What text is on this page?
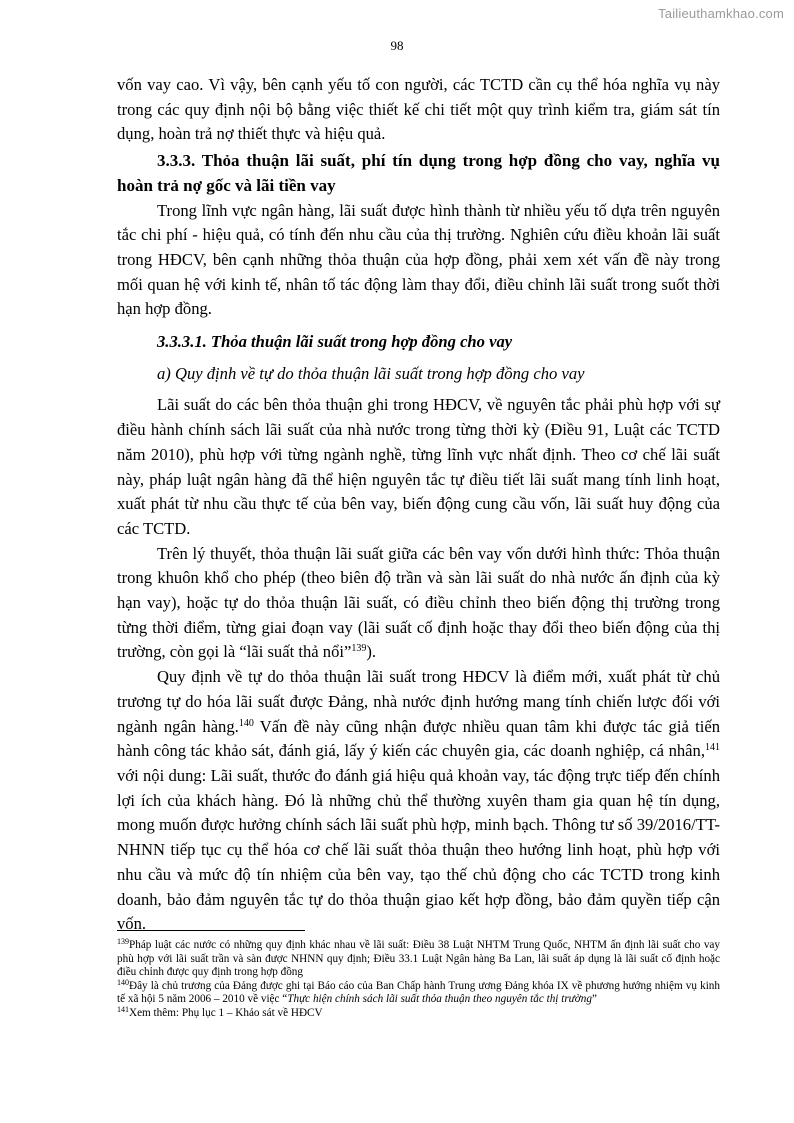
Tailieuthamkhao.com
98

vốn vay cao. Vì vậy, bên cạnh yếu tố con người, các TCTD cần cụ thể hóa nghĩa vụ này trong các quy định nội bộ bằng việc thiết kế chi tiết một quy trình kiểm tra, giám sát tín dụng, hoàn trả nợ thiết thực và hiệu quả.

3.3.3. Thỏa thuận lãi suất, phí tín dụng trong hợp đồng cho vay, nghĩa vụ hoàn trả nợ gốc và lãi tiền vay

Trong lĩnh vực ngân hàng, lãi suất được hình thành từ nhiều yếu tố dựa trên nguyên tắc chi phí - hiệu quả, có tính đến nhu cầu của thị trường. Nghiên cứu điều khoản lãi suất trong HĐCV, bên cạnh những thỏa thuận của hợp đồng, phải xem xét vấn đề này trong mối quan hệ với kinh tế, nhân tố tác động làm thay đổi, điều chỉnh lãi suất trong suốt thời hạn hợp đồng.

3.3.3.1. Thỏa thuận lãi suất trong hợp đồng cho vay

a) Quy định về tự do thỏa thuận lãi suất trong hợp đồng cho vay

Lãi suất do các bên thỏa thuận ghi trong HĐCV, về nguyên tắc phải phù hợp với sự điều hành chính sách lãi suất của nhà nước trong từng thời kỳ (Điều 91, Luật các TCTD năm 2010), phù hợp với từng ngành nghề, từng lĩnh vực nhất định. Theo cơ chế lãi suất này, pháp luật ngân hàng đã thể hiện nguyên tắc tự điều tiết lãi suất mang tính linh hoạt, xuất phát từ nhu cầu thực tế của bên vay, biến động cung cầu vốn, lãi suất huy động của các TCTD.

Trên lý thuyết, thỏa thuận lãi suất giữa các bên vay vốn dưới hình thức: Thỏa thuận trong khuôn khổ cho phép (theo biên độ trần và sàn lãi suất do nhà nước ấn định của kỳ hạn vay), hoặc tự do thỏa thuận lãi suất, có điều chỉnh theo biến động thị trường trong từng thời điểm, từng giai đoạn vay (lãi suất cố định hoặc thay đổi theo biến động của thị trường, còn gọi là “lãi suất thả nổi”$^{139}$).

Quy định về tự do thỏa thuận lãi suất trong HĐCV là điểm mới, xuất phát từ chủ trương tự do hóa lãi suất được Đảng, nhà nước định hướng mang tính chiến lược đối với ngành ngân hàng.$^{140}$ Vấn đề này cũng nhận được nhiều quan tâm khi được tác giả tiến hành công tác khảo sát, đánh giá, lấy ý kiến các chuyên gia, các doanh nghiệp, cá nhân,$^{141}$ với nội dung: Lãi suất, thước đo đánh giá hiệu quả khoản vay, tác động trực tiếp đến chính lợi ích của khách hàng. Đó là những chủ thể thường xuyên tham gia quan hệ tín dụng, mong muốn được hưởng chính sách lãi suất phù hợp, minh bạch. Thông tư số 39/2016/TT-NHNN tiếp tục cụ thể hóa cơ chế lãi suất thỏa thuận theo hướng linh hoạt, phù hợp với nhu cầu và mức độ tín nhiệm của bên vay, tạo thế chủ động cho các TCTD trong kinh doanh, bảo đảm nguyên tắc tự do thỏa thuận giao kết hợp đồng, bảo đảm quyền tiếp cận vốn.

$^{139}$Pháp luật các nước có những quy định khác nhau về lãi suất: Điều 38 Luật NHTM Trung Quốc, NHTM ấn định lãi suất cho vay phù hợp với lãi suất trần và sàn được NHNN quy định; Điều 33.1 Luật Ngân hàng Ba Lan, lãi suất áp dụng là lãi suất cố định hoặc điều chỉnh được quy định trong hợp đồng

$^{140}$Đây là chủ trương của Đảng được ghi tại Báo cáo của Ban Chấp hành Trung ương Đảng khóa IX về phương hướng nhiệm vụ kinh tế xã hội 5 năm 2006 – 2010 về việc “Thực hiện chính sách lãi suất thỏa thuận theo nguyên tắc thị trường”

$^{141}$Xem thêm: Phụ lục 1 – Khảo sát về HĐCV
